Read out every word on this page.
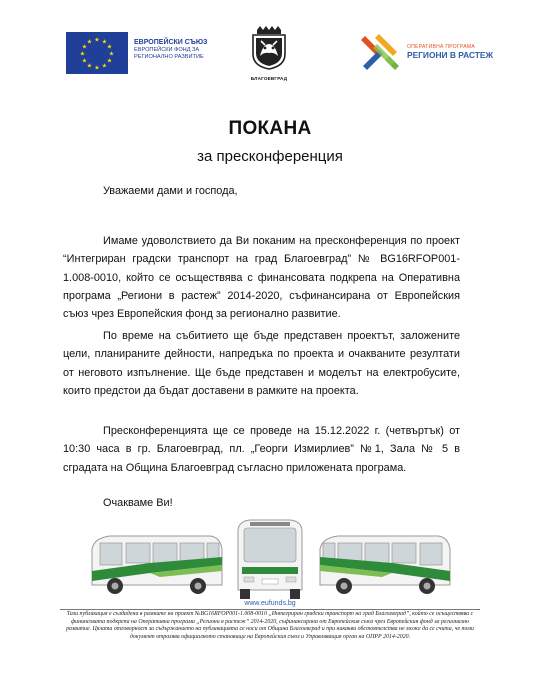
★ ★
★
★
★
★
★
★
★
★
★
★	ЕВРОПЕЙСКИ СЪЮЗ
ЕВРОПЕЙСКИ ФОНД ЗА
РЕГИОНАЛНО РАЗВИТИЕ
БЛАГОЕВГРАД
ОПЕРАТИВНА ПРОГРАМА
РЕГИОНИ В РАСТЕЖ
ПОКАНА
за пресконференция
Уважаеми дами и господа,
Имаме удоволствието да Ви поканим на пресконференция по проект “Интегриран градски транспорт на град Благоевград” № BG16RFOP001-1.008-0010, който се осъществява с финансовата подкрепа на Оперативна програма „Региони в растеж” 2014-2020, съфинансирана от Европейския съюз чрез Европейския фонд за регионално развитие.
По време на събитието ще бъде представен проектът, заложените цели, планираните дейности, напредъка по проекта и очакваните резултати от неговото изпълнение. Ще бъде представен и моделът на електробусите, които предстои да бъдат доставени в рамките на проекта.
Пресконференцията ще се проведе на 15.12.2022 г. (четвъртък) от 10:30 часа в гр. Благоевград, пл. „Георги Измирлиев” №1, Зала № 5 в сградата на Община Благоевград съгласно приложената програма.
Очакваме Ви!
www.eufunds.bg
Тази публикация е създадена в рамките на проект №BG16RFOP001-1.008-0010 „Интегриран градски транспорт на град Благоевград”, който се осъществява с финансовата подкрепа на Оперативна програма „Региони в растеж” 2014-2020, съфинансирана от Европейския съюз чрез Европейския фонд за регионално развитие. Цялата отговорност за съдържанието на публикацията се носи от Община Благоевград и при никакви обстоятелства не може да се счита, че този документ отразява официалното становище на Европейския съюз и Управляващия орган на ОПРР 2014-2020.
